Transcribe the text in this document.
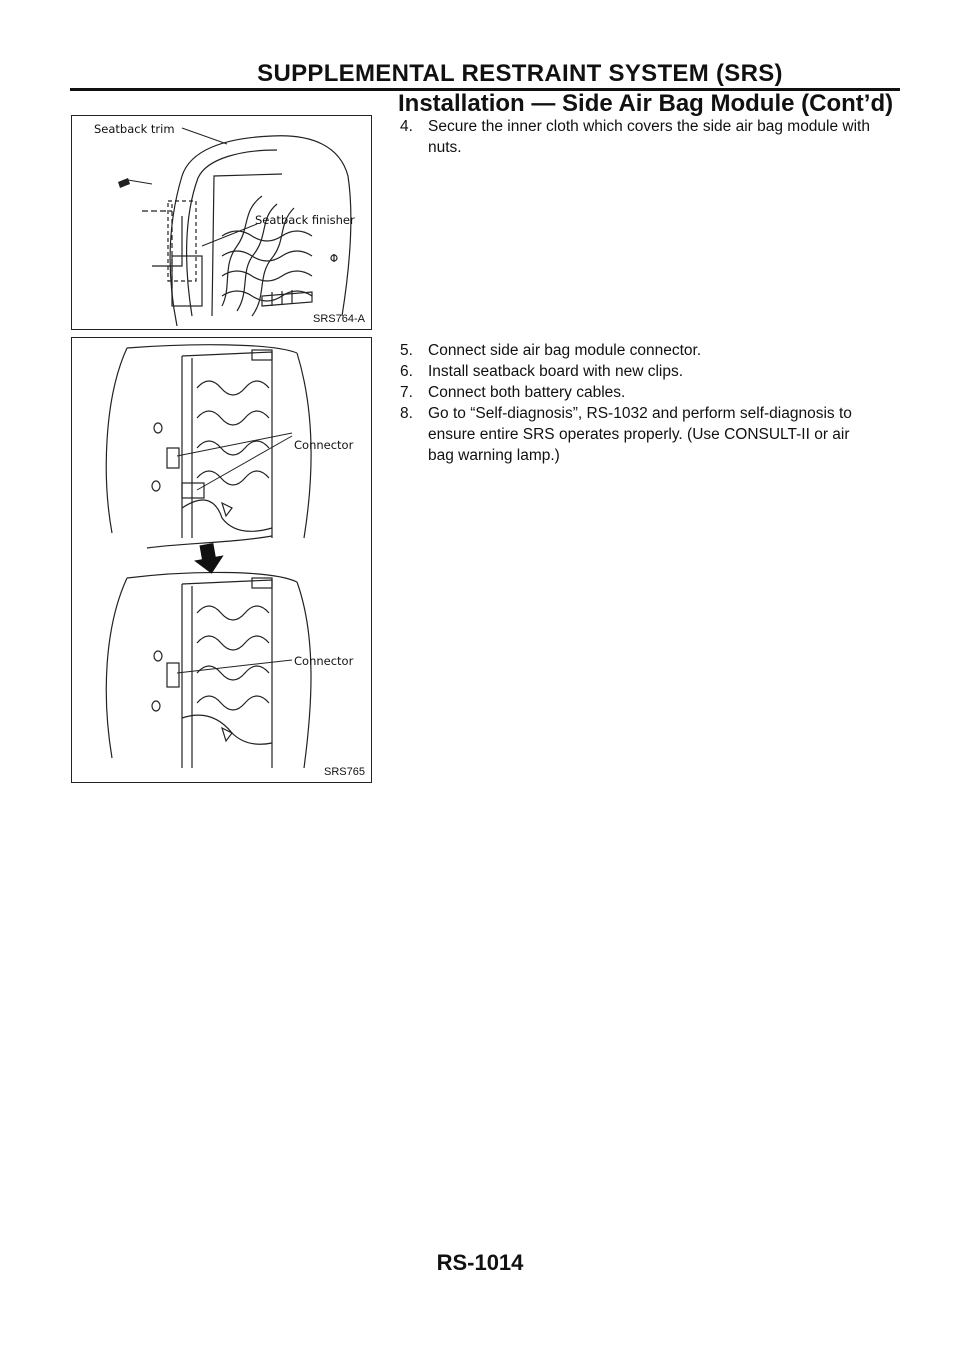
SUPPLEMENTAL RESTRAINT SYSTEM (SRS)
Installation — Side Air Bag Module (Cont’d)
Seatback trim
Seatback finisher
SRS764-A
Connector
Connector
SRS765

4. Secure the inner cloth which covers the side air bag module with nuts.

5. Connect side air bag module connector.

6. Install seatback board with new clips.

7. Connect both battery cables.

8. Go to “Self-diagnosis”, RS-1032 and perform self-diagnosis to ensure entire SRS operates properly. (Use CONSULT-II or air bag warning lamp.)

RS-1014
